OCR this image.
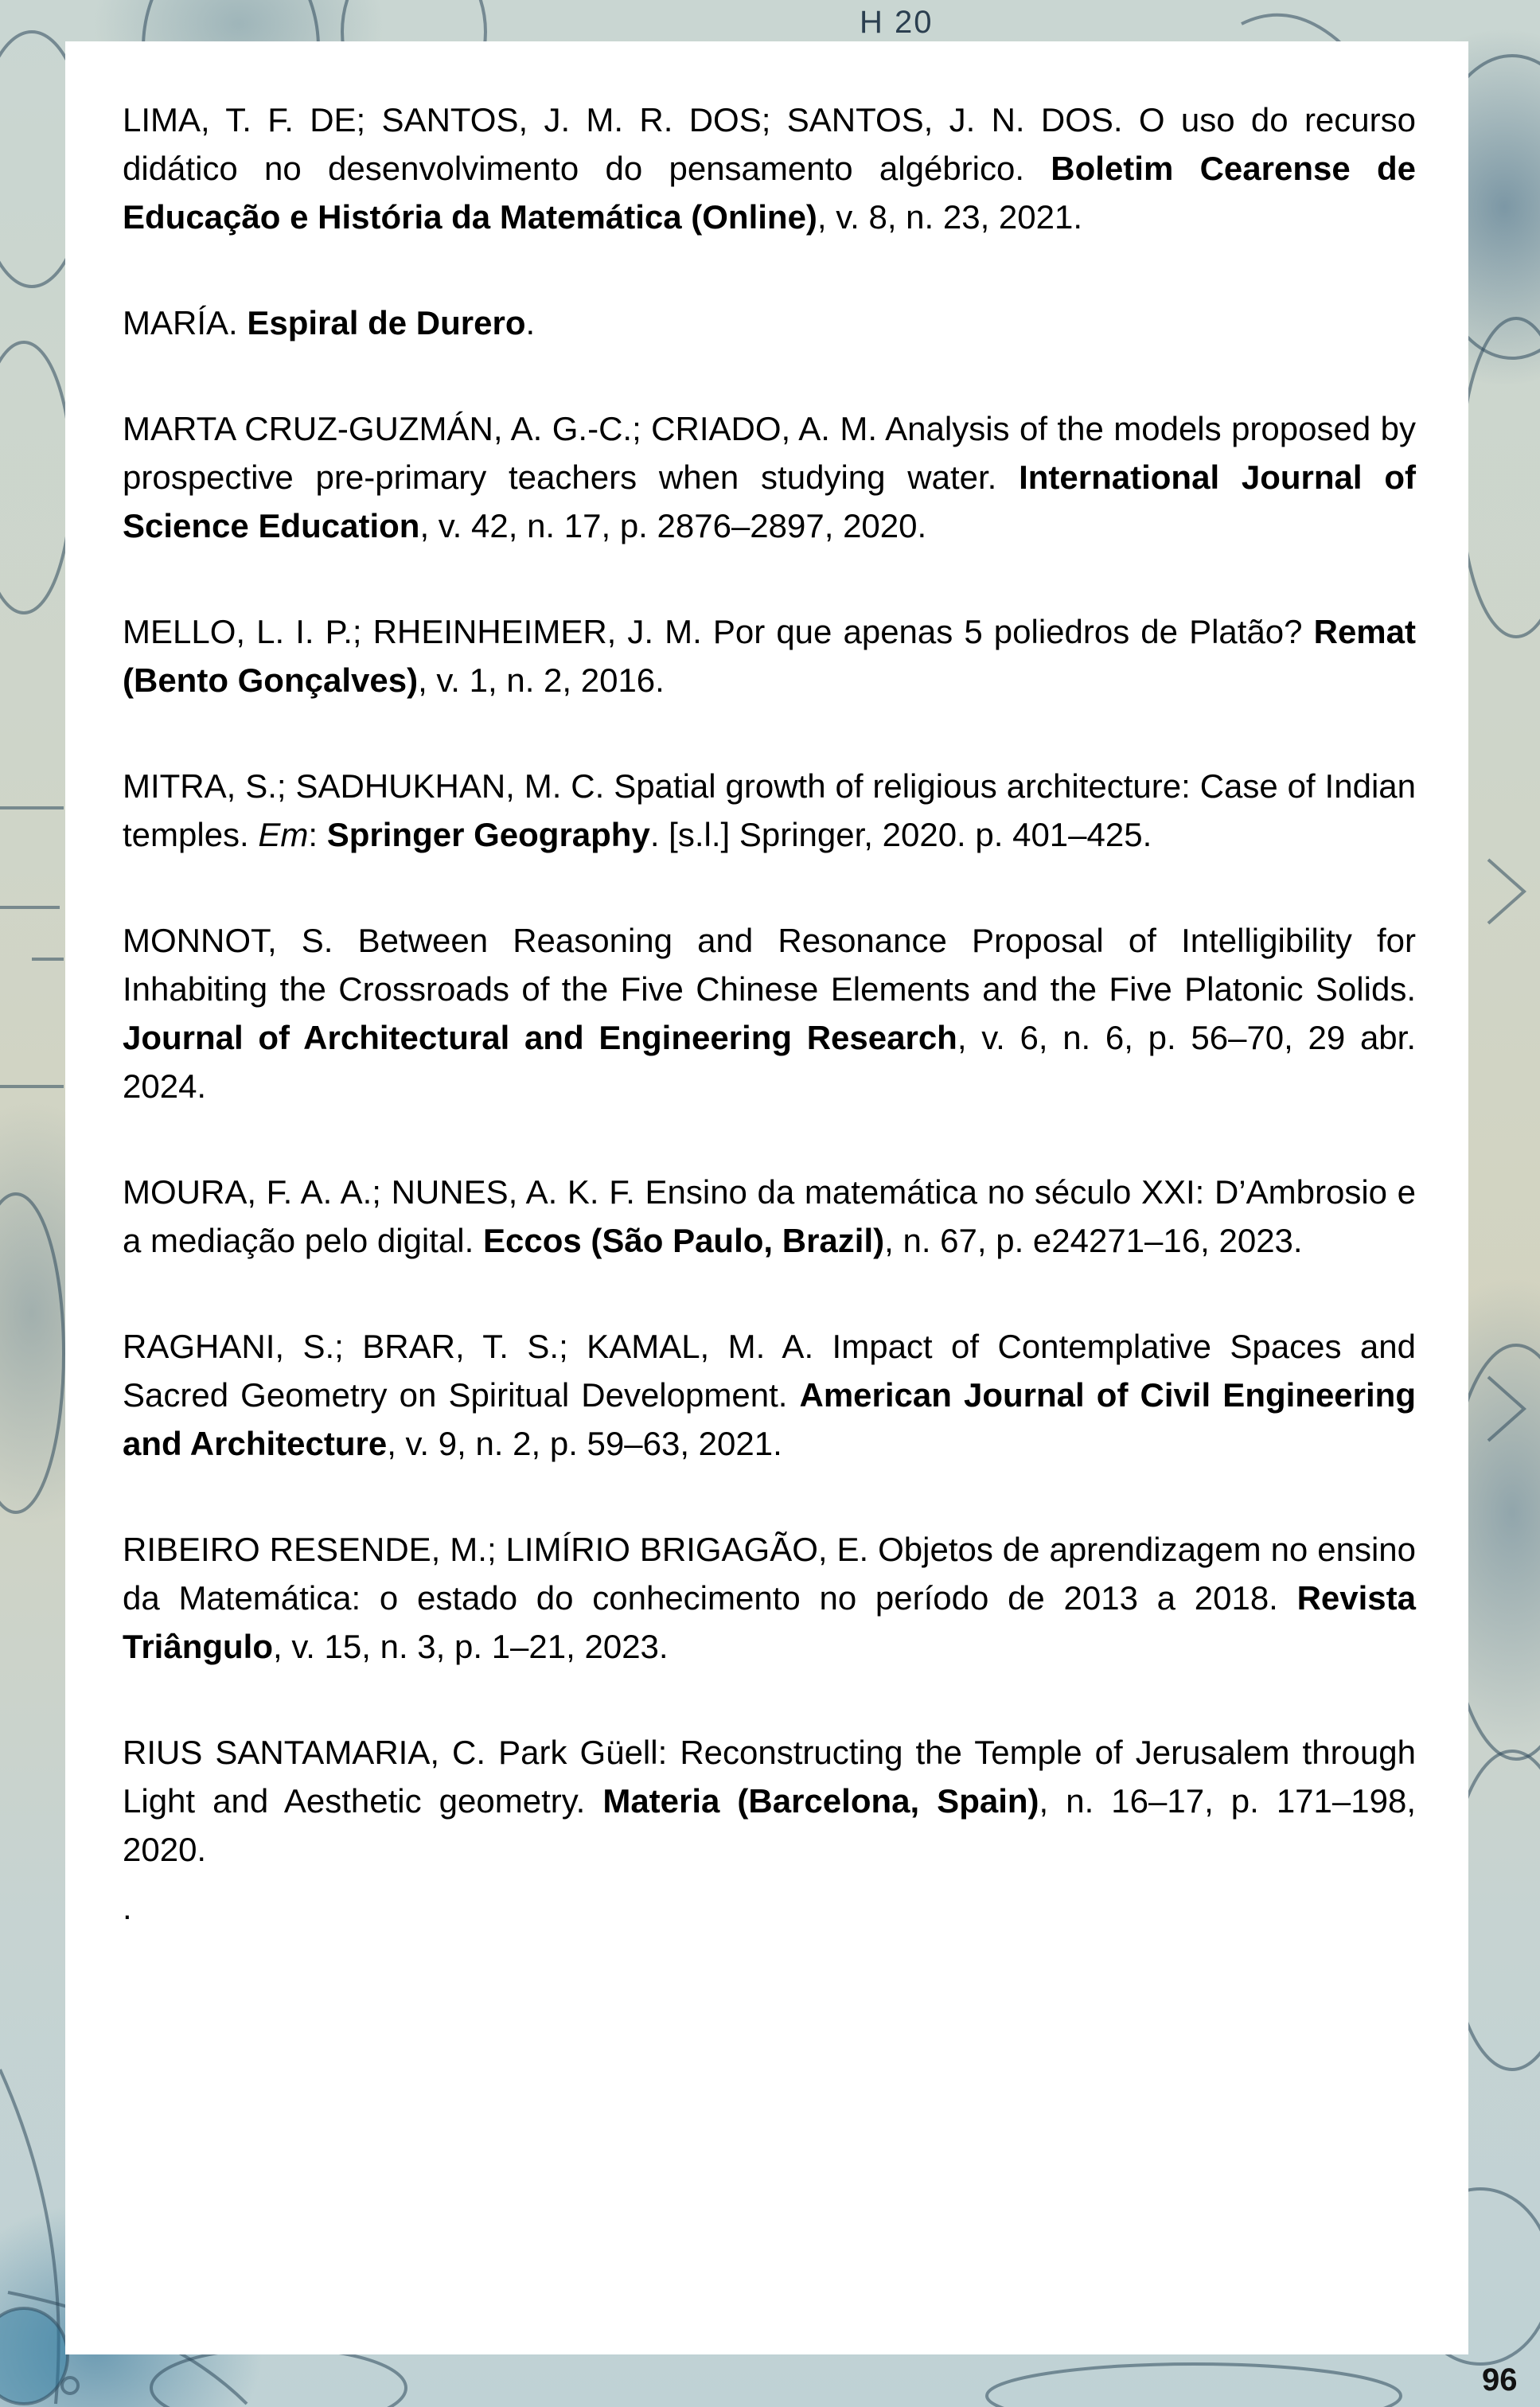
H 20

LIMA, T. F. DE; SANTOS, J. M. R. DOS; SANTOS, J. N. DOS. O uso do recurso didático no desenvolvimento do pensamento algébrico. Boletim Cearense de Educação e História da Matemática (Online), v. 8, n. 23, 2021.

MARÍA. Espiral de Durero.

MARTA CRUZ-GUZMÁN, A. G.-C.; CRIADO, A. M. Analysis of the models proposed by prospective pre-primary teachers when studying water. International Journal of Science Education, v. 42, n. 17, p. 2876–2897, 2020.

MELLO, L. I. P.; RHEINHEIMER, J. M. Por que apenas 5 poliedros de Platão? Remat (Bento Gonçalves), v. 1, n. 2, 2016.

MITRA, S.; SADHUKHAN, M. C. Spatial growth of religious architecture: Case of Indian temples. Em: Springer Geography. [s.l.] Springer, 2020. p. 401–425.

MONNOT, S. Between Reasoning and Resonance Proposal of Intelligibility for Inhabiting the Crossroads of the Five Chinese Elements and the Five Platonic Solids. Journal of Architectural and Engineering Research, v. 6, n. 6, p. 56–70, 29 abr. 2024.

MOURA, F. A. A.; NUNES, A. K. F. Ensino da matemática no século XXI: D’Ambrosio e a mediação pelo digital. Eccos (São Paulo, Brazil), n. 67, p. e24271–16, 2023.

RAGHANI, S.; BRAR, T. S.; KAMAL, M. A. Impact of Contemplative Spaces and Sacred Geometry on Spiritual Development. American Journal of Civil Engineering and Architecture, v. 9, n. 2, p. 59–63, 2021.

RIBEIRO RESENDE, M.; LIMÍRIO BRIGAGÃO, E. Objetos de aprendizagem no ensino da Matemática: o estado do conhecimento no período de 2013 a 2018. Revista Triângulo, v. 15, n. 3, p. 1–21, 2023.

RIUS SANTAMARIA, C. Park Güell: Reconstructing the Temple of Jerusalem through Light and Aesthetic geometry. Materia (Barcelona, Spain), n. 16–17, p. 171–198, 2020.

.
96
